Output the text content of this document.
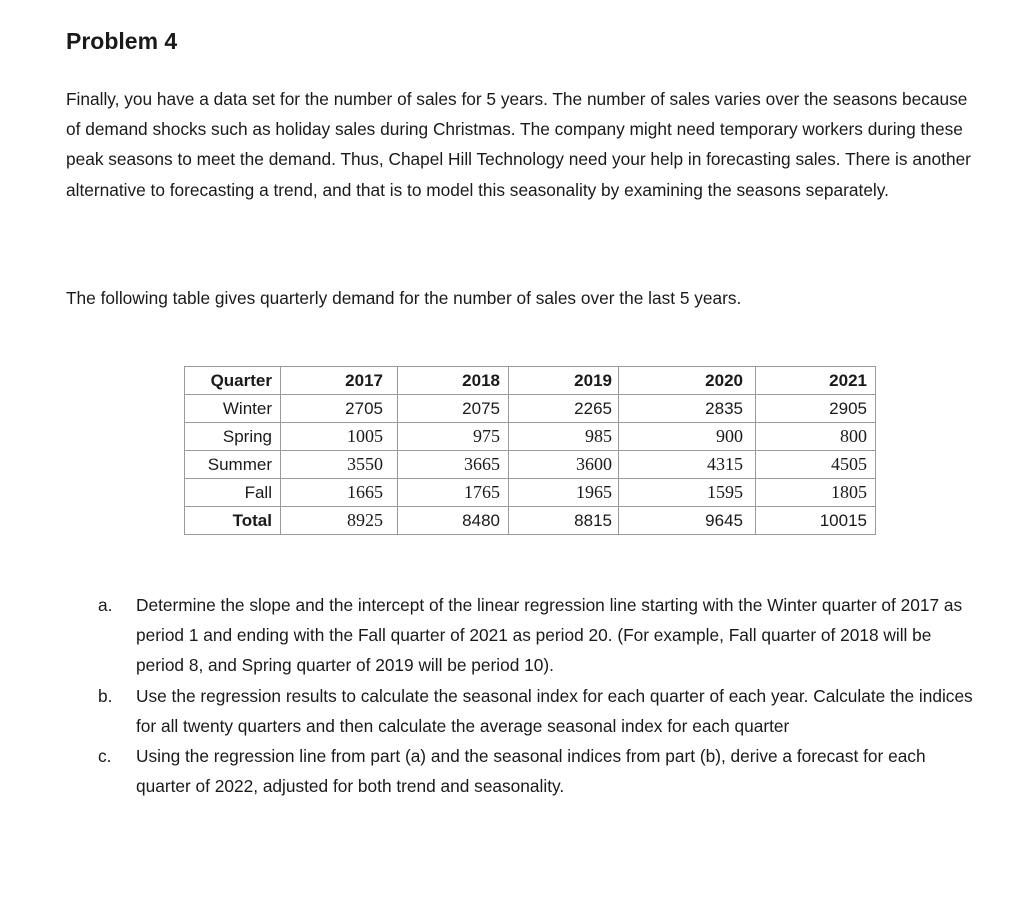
Problem 4

Finally, you have a data set for the number of sales for 5 years. The number of sales varies over the seasons because of demand shocks such as holiday sales during Christmas. The company might need temporary workers during these peak seasons to meet the demand. Thus, Chapel Hill Technology need your help in forecasting sales. There is another alternative to forecasting a trend, and that is to model this seasonality by examining the seasons separately.

The following table gives quarterly demand for the number of sales over the last 5 years.

Quarter	2017	2018	2019	2020	2021
Winter	2705	2075	2265	2835	2905
Spring	1005	975	985	900	800
Summer	3550	3665	3600	4315	4505
Fall	1665	1765	1965	1595	1805
Total	8925	8480	8815	9645	10015
a. Determine the slope and the intercept of the linear regression line starting with the Winter quarter of 2017 as period 1 and ending with the Fall quarter of 2021 as period 20. (For example, Fall quarter of 2018 will be period 8, and Spring quarter of 2019 will be period 10).
b. Use the regression results to calculate the seasonal index for each quarter of each year. Calculate the indices for all twenty quarters and then calculate the average seasonal index for each quarter
c. Using the regression line from part (a) and the seasonal indices from part (b), derive a forecast for each quarter of 2022, adjusted for both trend and seasonality.
